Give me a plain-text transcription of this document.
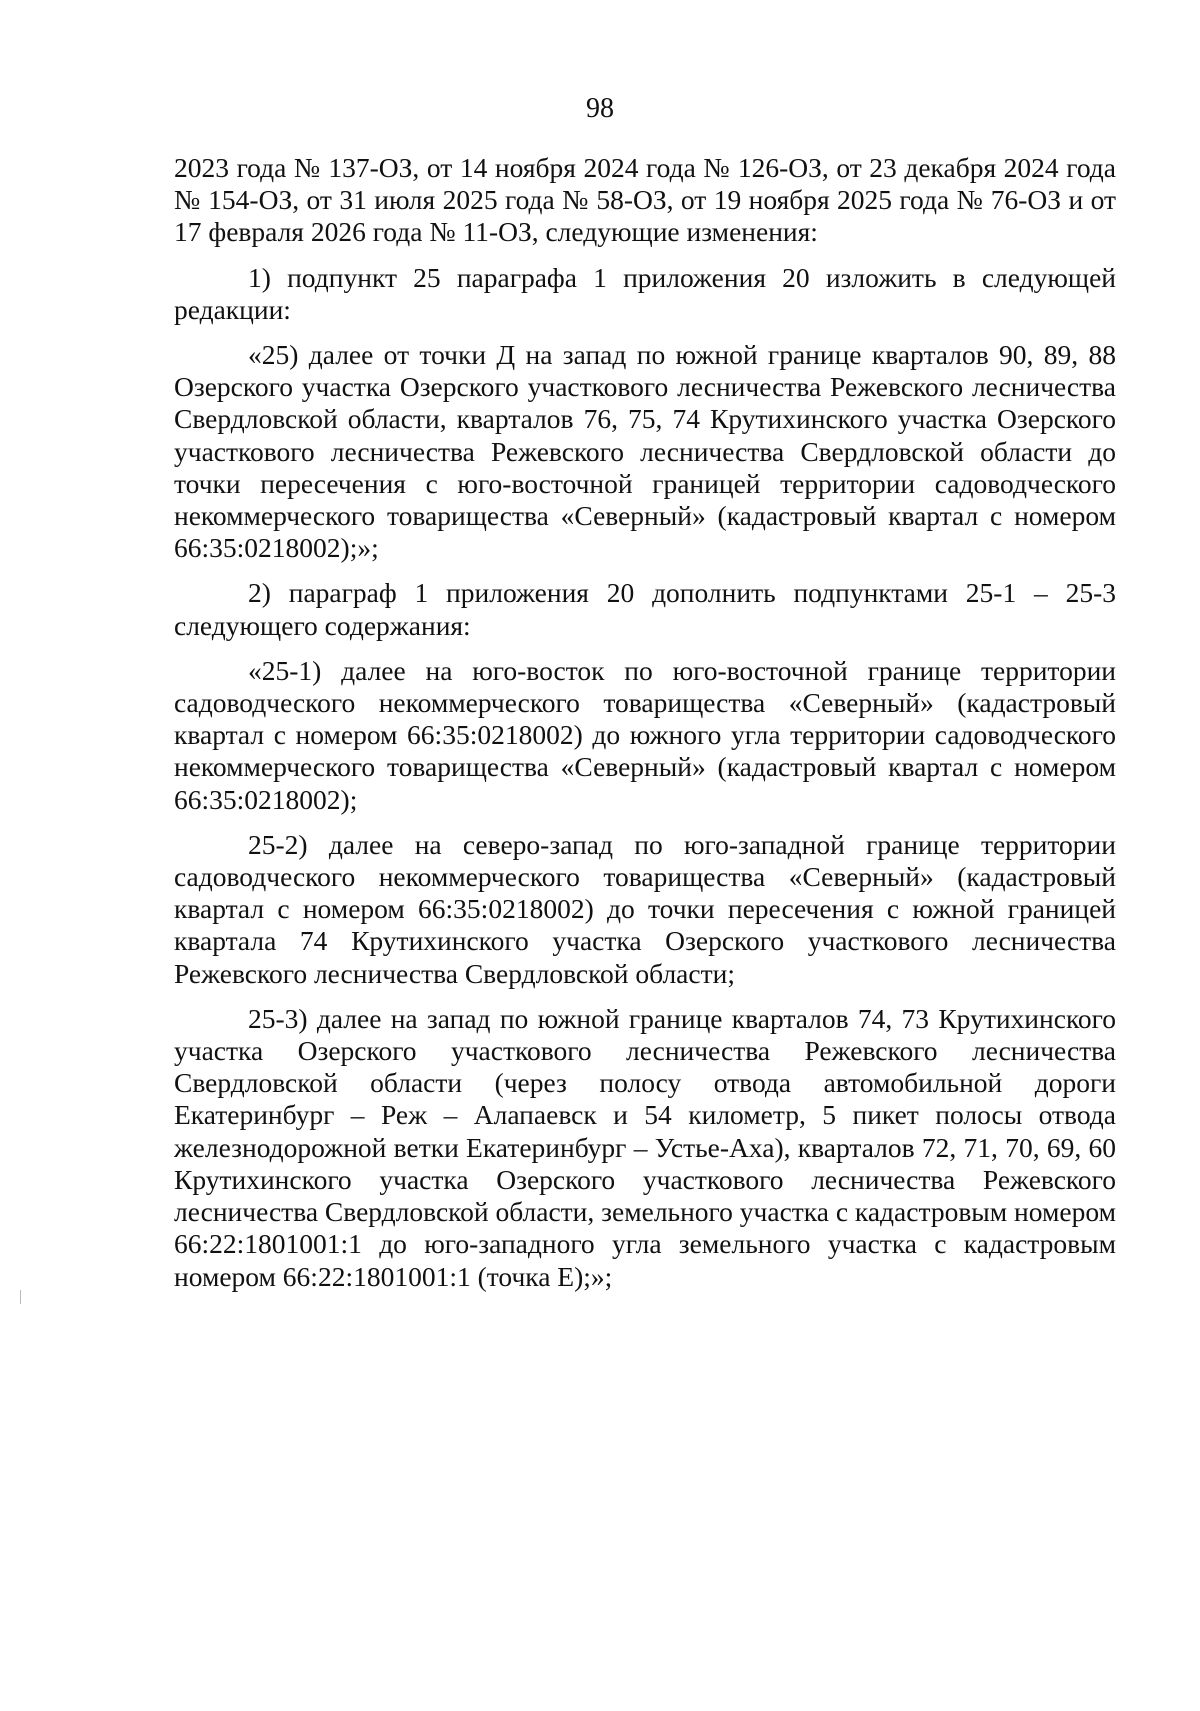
98

2023 года № 137-ОЗ, от 14 ноября 2024 года № 126-ОЗ, от 23 декабря 2024 года № 154-ОЗ, от 31 июля 2025 года № 58-ОЗ, от 19 ноября 2025 года № 76-ОЗ и от 17 февраля 2026 года № 11-ОЗ, следующие изменения:

1) подпункт 25 параграфа 1 приложения 20 изложить в следующей редакции:

«25) далее от точки Д на запад по южной границе кварталов 90, 89, 88 Озерского участка Озерского участкового лесничества Режевского лесничества Свердловской области, кварталов 76, 75, 74 Крутихинского участка Озерского участкового лесничества Режевского лесничества Свердловской области до точки пересечения с юго-восточной границей территории садоводческого некоммерческого товарищества «Северный» (кадастровый квартал с номером 66:35:0218002);»;

2) параграф 1 приложения 20 дополнить подпунктами 25-1 – 25-3 следующего содержания:

«25-1) далее на юго-восток по юго-восточной границе территории садоводческого некоммерческого товарищества «Северный» (кадастровый квартал с номером 66:35:0218002) до южного угла территории садоводческого некоммерческого товарищества «Северный» (кадастровый квартал с номером 66:35:0218002);

25-2) далее на северо-запад по юго-западной границе территории садоводческого некоммерческого товарищества «Северный» (кадастровый квартал с номером 66:35:0218002) до точки пересечения с южной границей квартала 74 Крутихинского участка Озерского участкового лесничества Режевского лесничества Свердловской области;

25-3) далее на запад по южной границе кварталов 74, 73 Крутихинского участка Озерского участкового лесничества Режевского лесничества Свердловской области (через полосу отвода автомобильной дороги Екатеринбург – Реж – Алапаевск и 54 километр, 5 пикет полосы отвода железнодорожной ветки Екатеринбург – Устье-Аха), кварталов 72, 71, 70, 69, 60 Крутихинского участка Озерского участкового лесничества Режевского лесничества Свердловской области, земельного участка с кадастровым номером 66:22:1801001:1 до юго-западного угла земельного участка с кадастровым номером 66:22:1801001:1 (точка Е);»;
